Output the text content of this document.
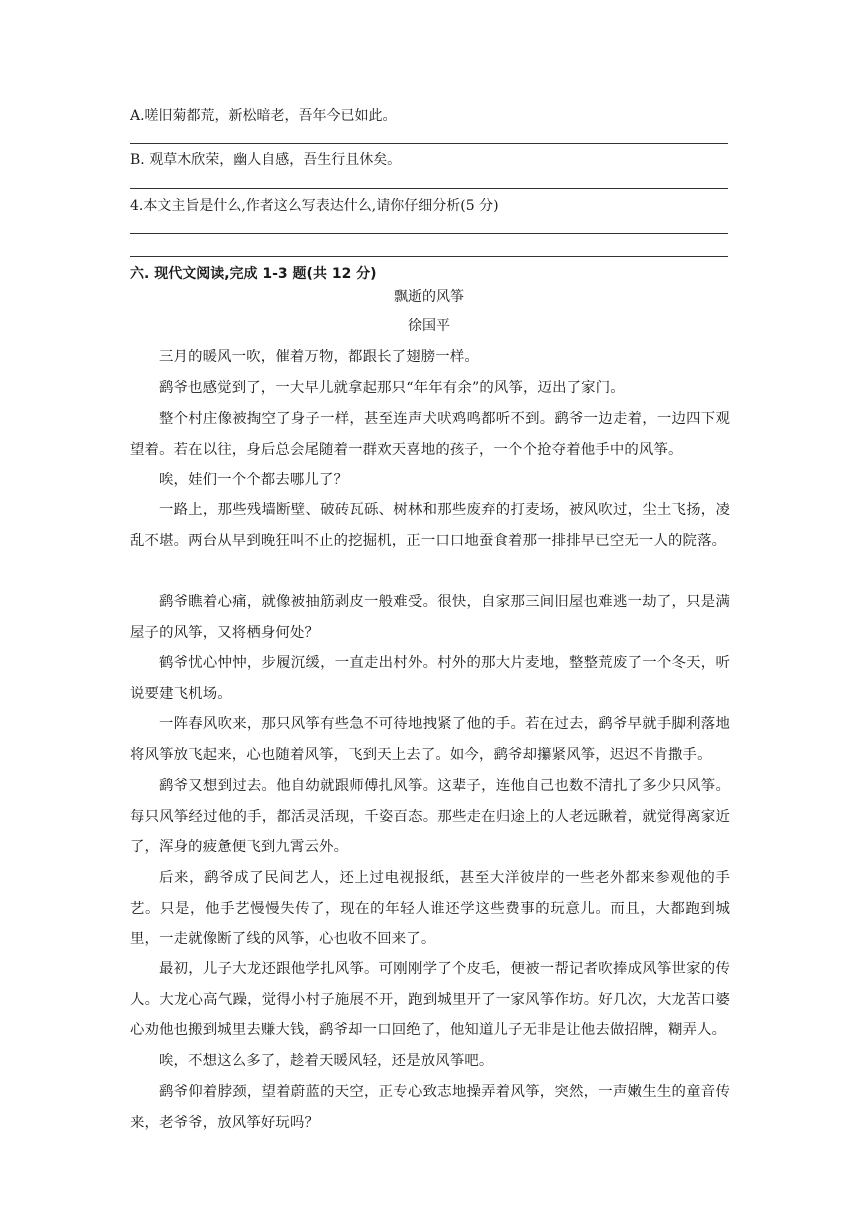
A.嗟旧菊都荒，新松暗老，吾年今已如此。
B. 观草木欣荣，幽人自感，吾生行且休矣。
4.本文主旨是什么,作者这么写表达什么,请你仔细分析(5 分)
六. 现代文阅读,完成 1-3 题(共 12 分)
飘逝的风筝
徐国平
三月的暖风一吹，催着万物，都跟长了翅膀一样。
鹞爷也感觉到了，一大早儿就拿起那只“年年有余”的风筝，迈出了家门。
整个村庄像被掏空了身子一样，甚至连声犬吠鸡鸣都听不到。鹞爷一边走着，一边四下观望着。若在以往，身后总会尾随着一群欢天喜地的孩子，一个个抢夺着他手中的风筝。
唉，娃们一个个都去哪儿了？
一路上，那些残墙断壁、破砖瓦砾、树林和那些废弃的打麦场，被风吹过，尘土飞扬，凌乱不堪。两台从早到晚狂叫不止的挖掘机，正一口口地蚕食着那一排排早已空无一人的院落。
鹞爷瞧着心痛，就像被抽筋剥皮一般难受。很快，自家那三间旧屋也难逃一劫了，只是满屋子的风筝，又将栖身何处？
鹤爷忧心忡忡，步履沉缓，一直走出村外。村外的那大片麦地，整整荒废了一个冬天，听说要建飞机场。
一阵春风吹来，那只风筝有些急不可待地拽紧了他的手。若在过去，鹞爷早就手脚利落地将风筝放飞起来，心也随着风筝，飞到天上去了。如今，鹞爷却攥紧风筝，迟迟不肯撒手。
鹞爷又想到过去。他自幼就跟师傅扎风筝。这辈子，连他自己也数不清扎了多少只风筝。每只风筝经过他的手，都活灵活现，千姿百态。那些走在归途上的人老远瞅着，就觉得离家近了，浑身的疲惫便飞到九霄云外。
后来，鹞爷成了民间艺人，还上过电视报纸，甚至大洋彼岸的一些老外都来参观他的手艺。只是，他手艺慢慢失传了，现在的年轻人谁还学这些费事的玩意儿。而且，大都跑到城里，一走就像断了线的风筝，心也收不回来了。
最初，儿子大龙还跟他学扎风筝。可刚刚学了个皮毛，便被一帮记者吹捧成风筝世家的传人。大龙心高气躁，觉得小村子施展不开，跑到城里开了一家风筝作坊。好几次，大龙苦口婆心劝他也搬到城里去赚大钱，鹞爷却一口回绝了，他知道儿子无非是让他去做招牌，糊弄人。
唉，不想这么多了，趁着天暖风轻，还是放风筝吧。
鹞爷仰着脖颈，望着蔚蓝的天空，正专心致志地操弄着风筝，突然，一声嫩生生的童音传来，老爷爷，放风筝好玩吗？
